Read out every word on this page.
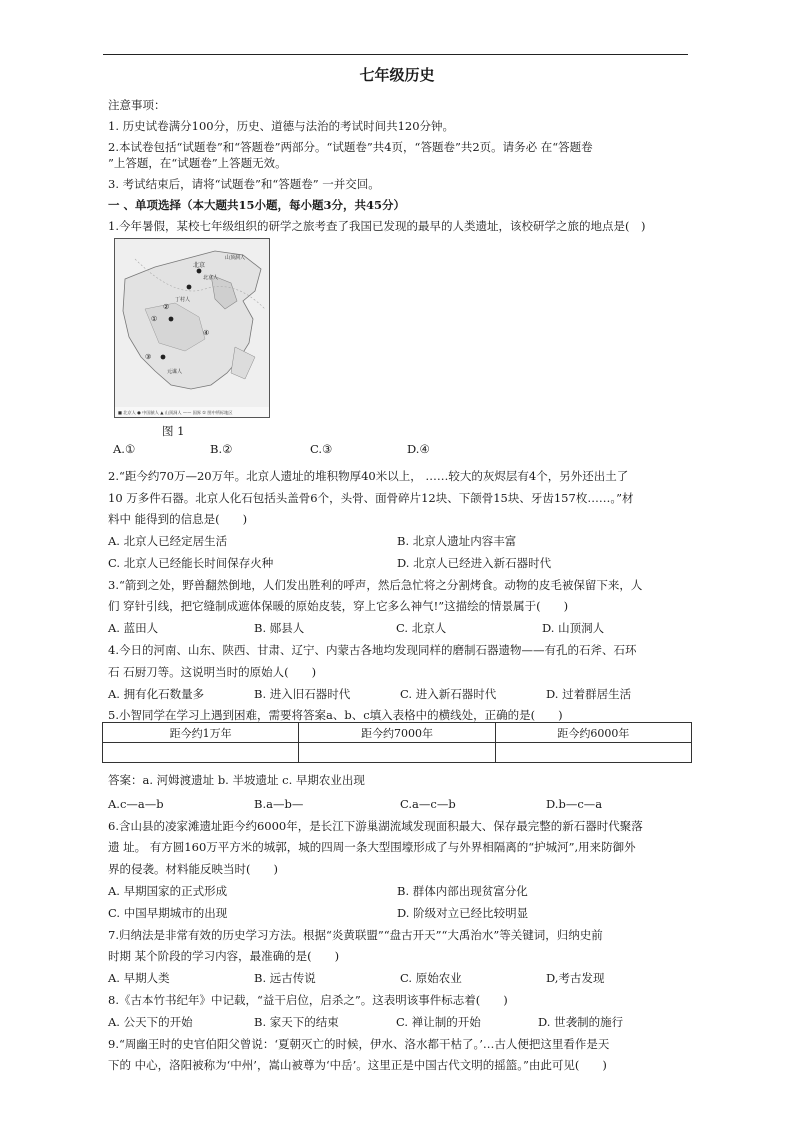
七年级历史
注意事项：
1. 历史试卷满分100分，历史、道德与法治的考试时间共120分钟。
2.本试卷包括“试题卷”和“答题卷”两部分。“试题卷”共4页，“答题卷”共2页。请务必 在“答题卷
”上答题，在“试题卷”上答题无效。
3. 考试结束后，请将“试题卷”和“答题卷” 一并交回。
一 、单项选择（本大题共15小题，每小题3分，共45分）
1.今年暑假，某校七年级组织的研学之旅考查了我国已发现的最早的人类遗址，该校研学之旅的地点是(　)
北京
山顶洞人
丁村人
①
②
③
④
元谋人
北京人
■ 北京人 ● 中国猿人 ▲ 山顶洞人 —— 国界 ① 图中所标地区
图 1
A.①	B.②	C.③	D.④
2.“距今约70万—20万年。北京人遗址的堆积物厚40米以上， ……较大的灰烬层有4个，另外还出土了
10 万多件石器。北京人化石包括头盖骨6个，头骨、面骨碎片12块、下颌骨15块、牙齿157枚……。”材
料中 能得到的信息是(　　)
A. 北京人已经定居生活	B. 北京人遗址内容丰富
C. 北京人已经能长时间保存火种	D. 北京人已经进入新石器时代
3.“箭到之处，野兽翻然倒地，人们发出胜利的呼声，然后急忙将之分割烤食。动物的皮毛被保留下来，人
们 穿针引线，把它缝制成遮体保暖的原始皮装，穿上它多么神气!”这描绘的情景属于(　　)
A. 蓝田人	B. 郧县人	C. 北京人	D. 山顶洞人
4.今日的河南、山东、陕西、甘肃、辽宁、内蒙古各地均发现同样的磨制石器遗物——有孔的石斧、石环
石 石厨刀等。这说明当时的原始人(　　)
A. 拥有化石数量多	B. 进入旧石器时代	C. 进入新石器时代	D. 过着群居生活
5.小智同学在学习上遇到困难，需要将答案a、b、c填入表格中的横线处，正确的是(　　)
距今约1万年	距今约7000年	距今约6000年

答案：a. 河姆渡遗址 b. 半坡遗址 c. 早期农业出现
A.c—a—b	B.a—b—	C.a—c—b	D.b—c—a
6.含山县的凌家滩遗址距今约6000年，是长江下游巢湖流域发现面积最大、保存最完整的新石器时代聚落
遗 址。 有方圆160万平方米的城郭，城的四周一条大型围壕形成了与外界相隔离的“护城河”,用来防御外
界的侵袭。材料能反映当时(　　)
A. 早期国家的正式形成	B. 群体内部出现贫富分化
C. 中国早期城市的出现	D. 阶级对立已经比较明显
7.归纳法是非常有效的历史学习方法。根据“炎黄联盟”“盘古开天”“大禹治水”等关键词，归纳史前
时期 某个阶段的学习内容，最准确的是(　　)
A. 早期人类	B. 远古传说	C. 原始农业	D,考古发现
8.《古本竹书纪年》中记载，“益干启位，启杀之”。这表明该事件标志着(　　)
A. 公天下的开始	B. 家天下的结束	C. 禅让制的开始	D. 世袭制的施行
9.“周幽王时的史官伯阳父曾说：‘夏朝灭亡的时候，伊水、洛水都干枯了。’…古人便把这里看作是天
下的 中心，洛阳被称为‘中州’，嵩山被尊为‘中岳’。这里正是中国古代文明的摇篮。”由此可见(　　)
